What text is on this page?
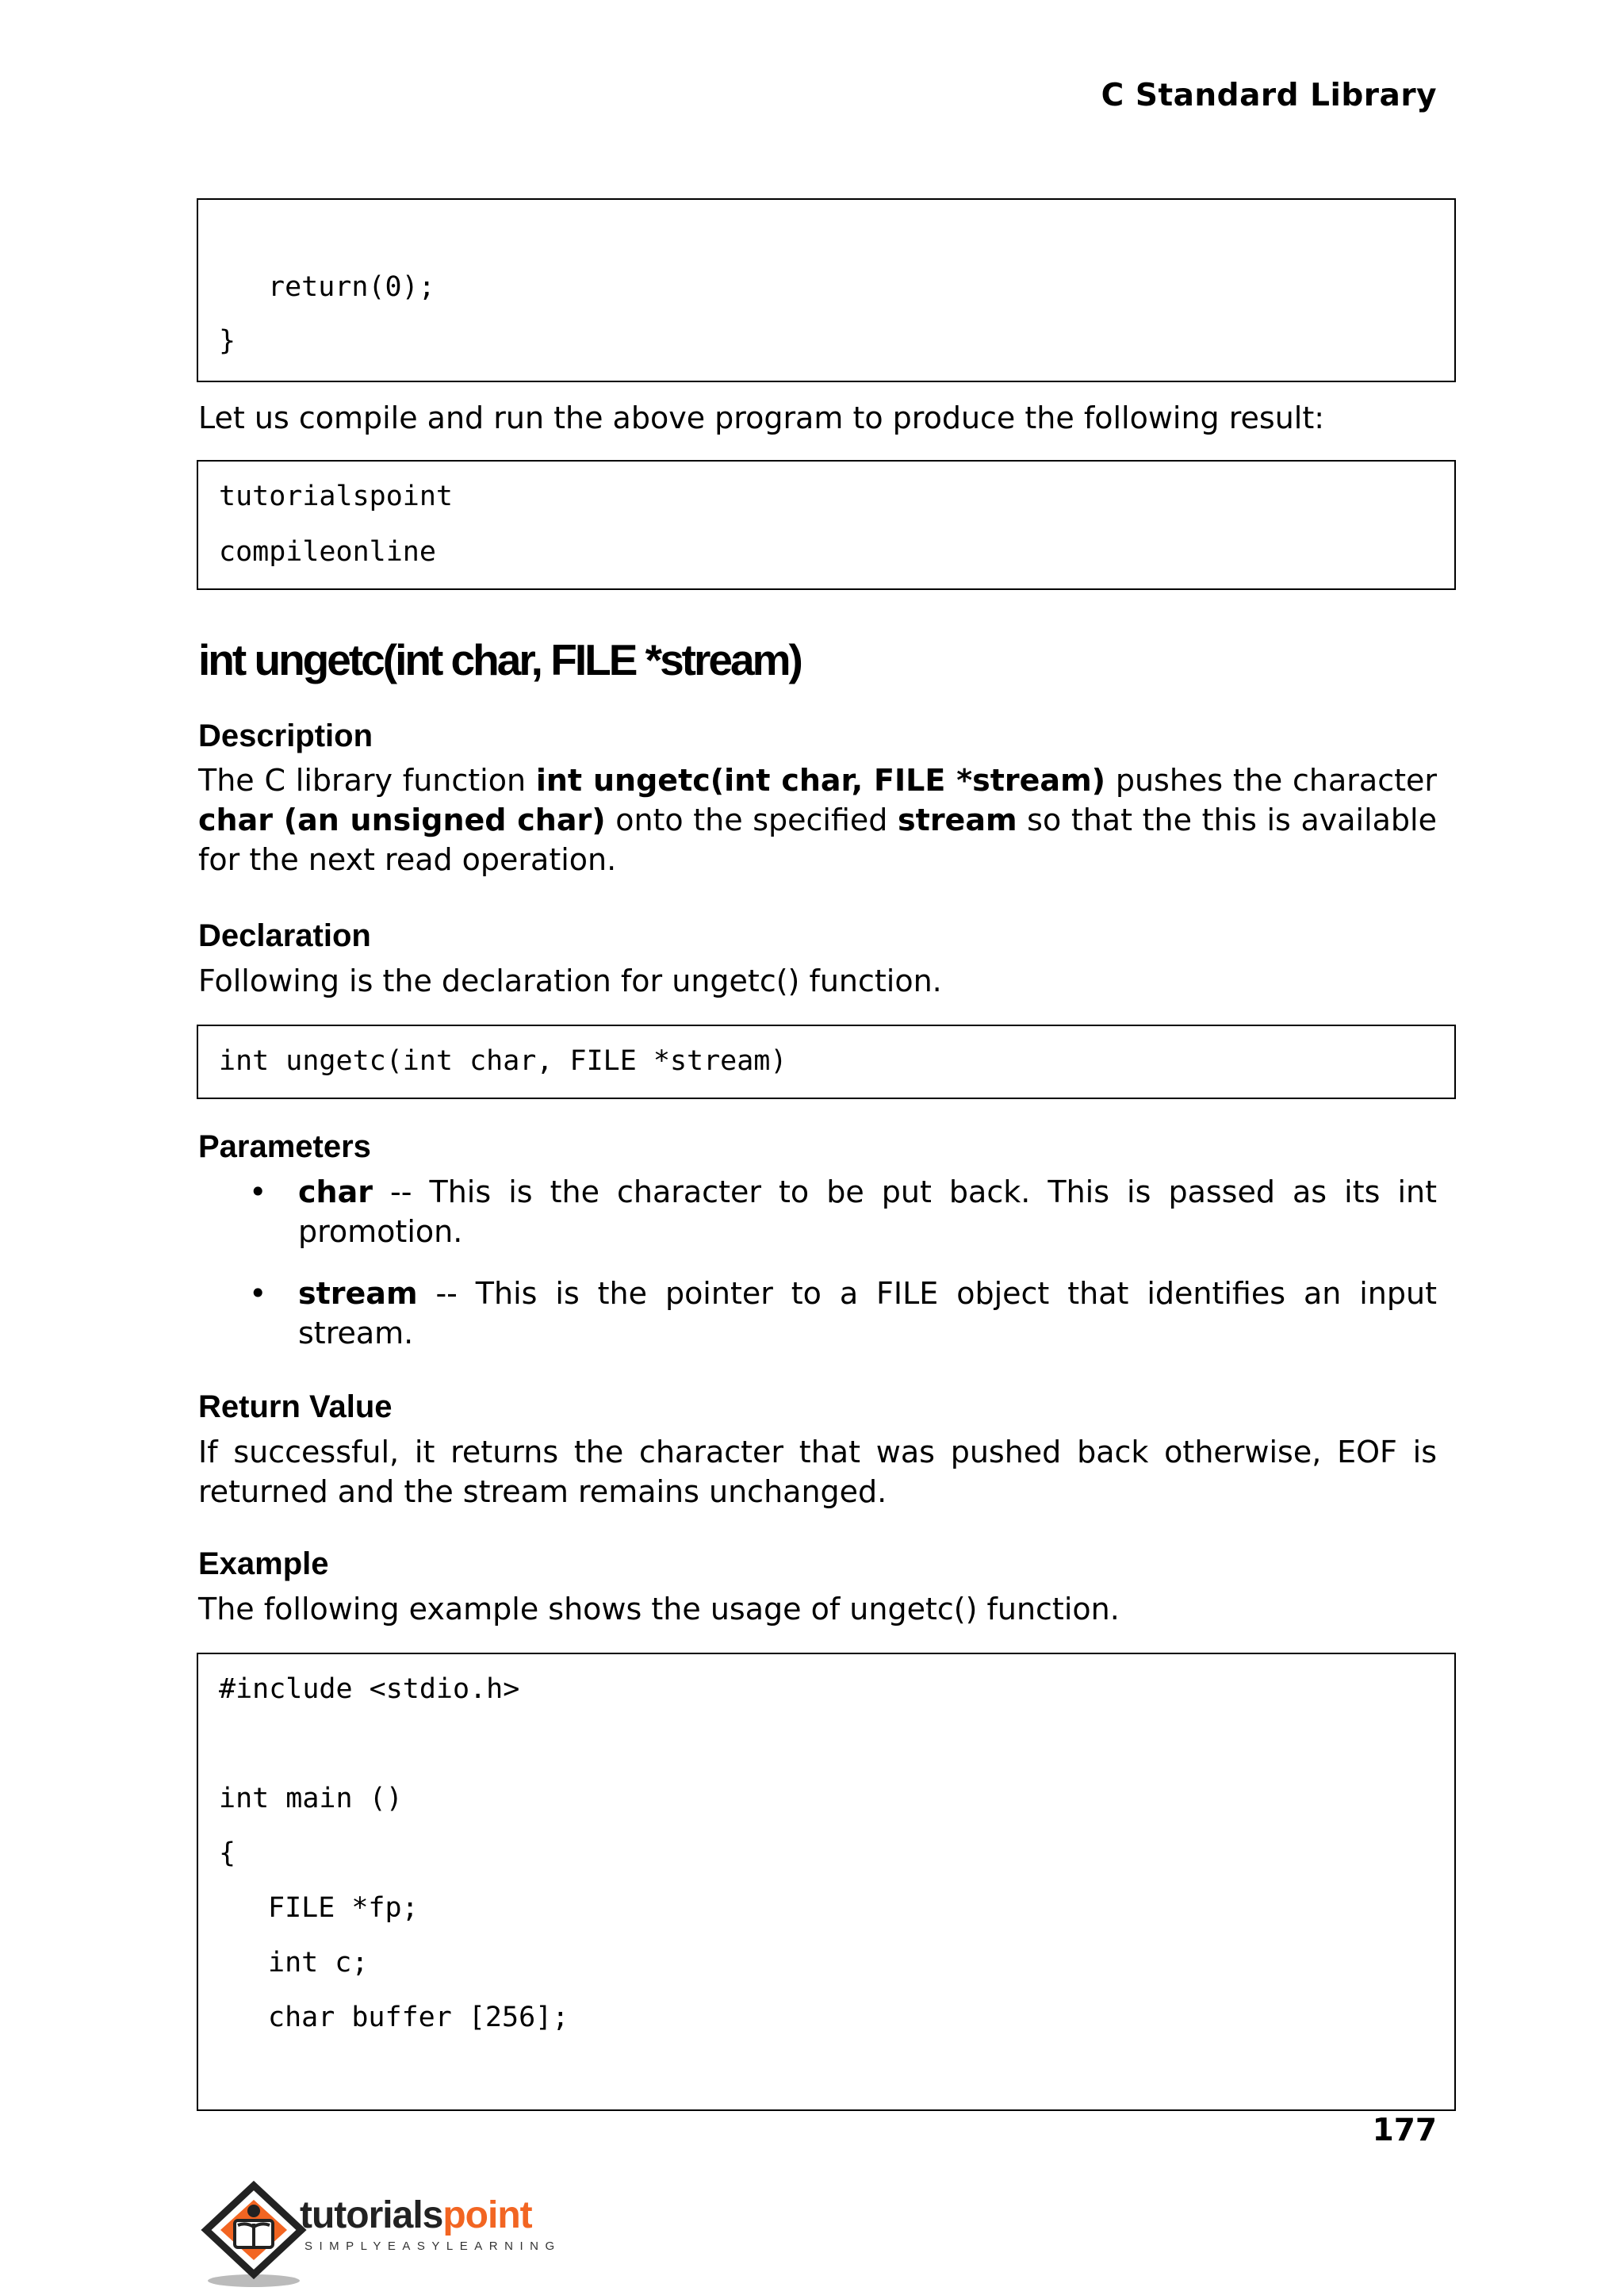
C Standard Library
return(0);
}
Let us compile and run the above program to produce the following result:
tutorialspoint
compileonline
int ungetc(int char, FILE *stream)
Description
The C library function int ungetc(int char, FILE *stream) pushes the character char (an unsigned char) onto the specified stream so that the this is available for the next read operation.
Declaration
Following is the declaration for ungetc() function.
int ungetc(int char, FILE *stream)
Parameters
• char -- This is the character to be put back. This is passed as its int promotion.
• stream -- This is the pointer to a FILE object that identifies an input stream.
Return Value
If successful, it returns the character that was pushed back otherwise, EOF is returned and the stream remains unchanged.
Example
The following example shows the usage of ungetc() function.
#include <stdio.h>
int main ()
{
FILE *fp;
int c;
char buffer [256];
177
tutorialspoint
SIMPLYEASYLEARNING
